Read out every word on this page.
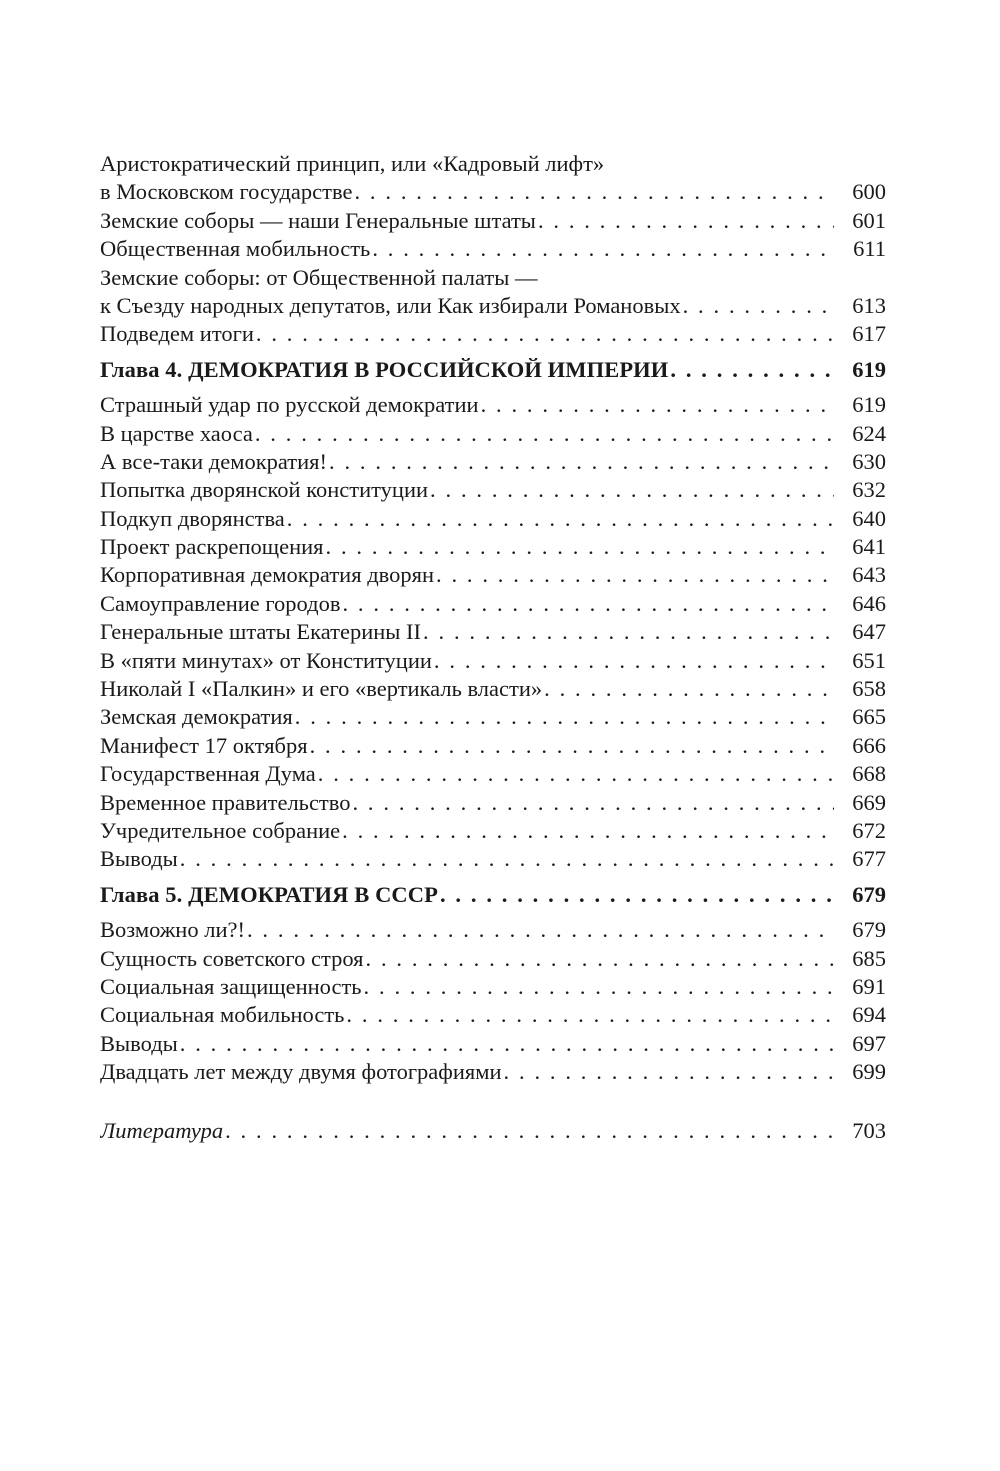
Аристократический принцип, или «Кадровый лифт»
в Московском государстве . . .	600
Земские соборы — наши Генеральные штаты . . .	601
Общественная мобильность . . .	611
Земские соборы: от Общественной палаты —
к Съезду народных депутатов, или Как избирали Романовых . . .	613
Подведем итоги . . .	617
Глава 4. ДЕМОКРАТИЯ В РОССИЙСКОЙ ИМПЕРИИ . . .	619
Страшный удар по русской демократии . . .	619
В царстве хаоса . . .	624
А все-таки демократия! . . .	630
Попытка дворянской конституции . . .	632
Подкуп дворянства . . .	640
Проект раскрепощения . . .	641
Корпоративная демократия дворян . . .	643
Самоуправление городов . . .	646
Генеральные штаты Екатерины II . . .	647
В «пяти минутах» от Конституции . . .	651
Николай I «Палкин» и его «вертикаль власти» . . .	658
Земская демократия . . .	665
Манифест 17 октября . . .	666
Государственная Дума . . .	668
Временное правительство . . .	669
Учредительное собрание . . .	672
Выводы . . .	677
Глава 5. ДЕМОКРАТИЯ В СССР . . .	679
Возможно ли?! . . .	679
Сущность советского строя . . .	685
Социальная защищенность . . .	691
Социальная мобильность . . .	694
Выводы . . .	697
Двадцать лет между двумя фотографиями . . .	699
Литература . . .	703
